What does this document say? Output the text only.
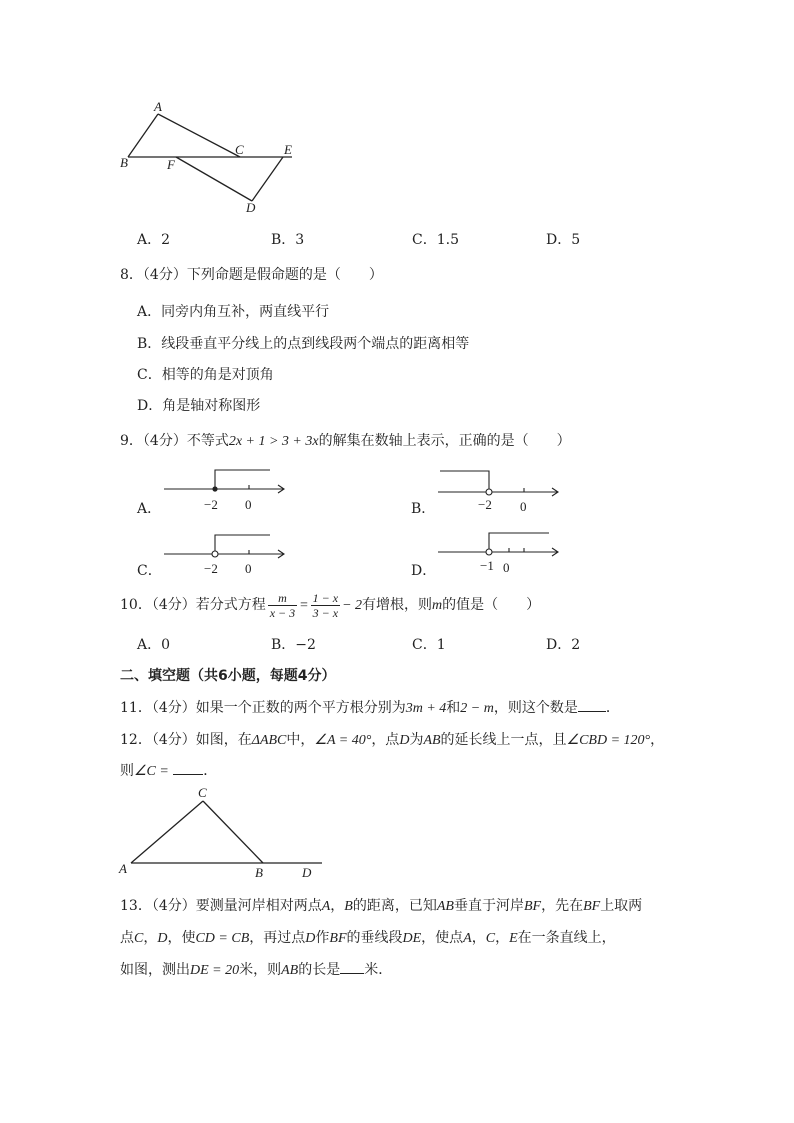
A
B	F
C	E
D
A．2	B．3	C．1.5	D．5
8．（4分）下列命题是假命题的是（　　）
A．同旁内角互补，两直线平行
B．线段垂直平分线上的点到线段两个端点的距离相等
C．相等的角是对顶角
D．角是轴对称图形
9．（4分）不等式2x + 1 > 3 + 3x的解集在数轴上表示，正确的是（　　）
A．	−2 0	B．	−2 0
C．	−2 0	D．	−1 0
10．（4分）若分式方程 $\frac{m}{x - 3} = \frac{1 - x}{3 - x} - 2$有增根，则m的值是（　　）
A．0	B．−2	C．1	D．2
二、填空题（共6小题，每题4分）
11．（4分）如果一个正数的两个平方根分别为3m + 4和2 − m，则这个数是 ．
12．（4分）如图，在ΔABC中，∠A = 40°，点D为AB的延长线上一点，且∠CBD = 120°，
则∠C = ．
C
A	B	D
13．（4分）要测量河岸相对两点A，B的距离，已知AB垂直于河岸BF，先在BF上取两
点C，D，使CD = CB，再过点D作BF的垂线段DE，使点A，C，E在一条直线上，
如图，测出DE = 20米，则AB的长是 米．
